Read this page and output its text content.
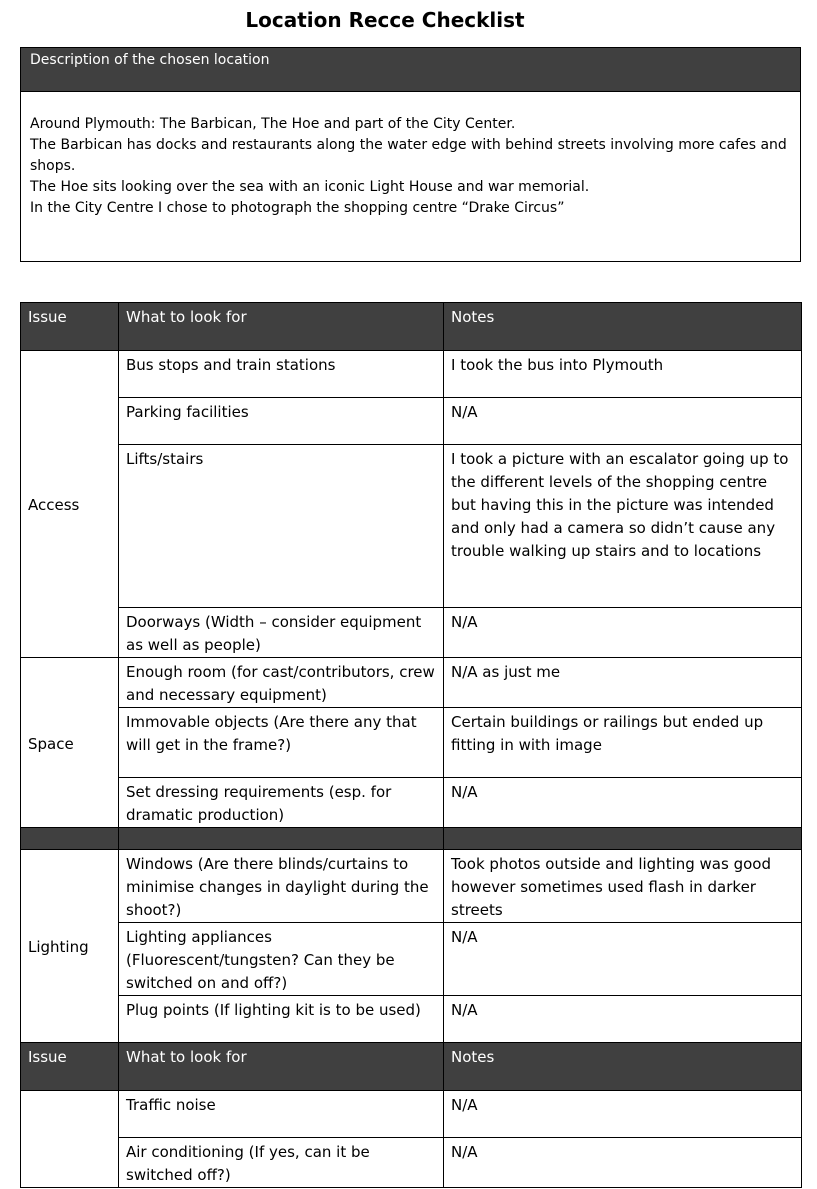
Location Recce Checklist
Description of the chosen location
Around Plymouth: The Barbican, The Hoe and part of the City Center.
The Barbican has docks and restaurants along the water edge with behind streets involving more cafes and shops.
The Hoe sits looking over the sea with an iconic Light House and war memorial.
In the City Centre I chose to photograph the shopping centre “Drake Circus”
Issue	What to look for	Notes
Access	Bus stops and train stations	I took the bus into Plymouth
	Parking facilities	N/A
	Lifts/stairs	I took a picture with an escalator going up to the different levels of the shopping centre but having this in the picture was intended and only had a camera so didn’t cause any trouble walking up stairs and to locations
	Doorways (Width – consider equipment as well as people)	N/A
Space	Enough room (for cast/contributors, crew and necessary equipment)	N/A as just me
	Immovable objects (Are there any that will get in the frame?)	Certain buildings or railings but ended up fitting in with image
	Set dressing requirements (esp. for dramatic production)	N/A

Lighting	Windows (Are there blinds/curtains to minimise changes in daylight during the shoot?)	Took photos outside and lighting was good however sometimes used flash in darker streets
	Lighting appliances (Fluorescent/tungsten? Can they be switched on and off?)	N/A
	Plug points (If lighting kit is to be used)	N/A
Issue	What to look for	Notes
	Traffic noise	N/A
	Air conditioning (If yes, can it be switched off?)	N/A
